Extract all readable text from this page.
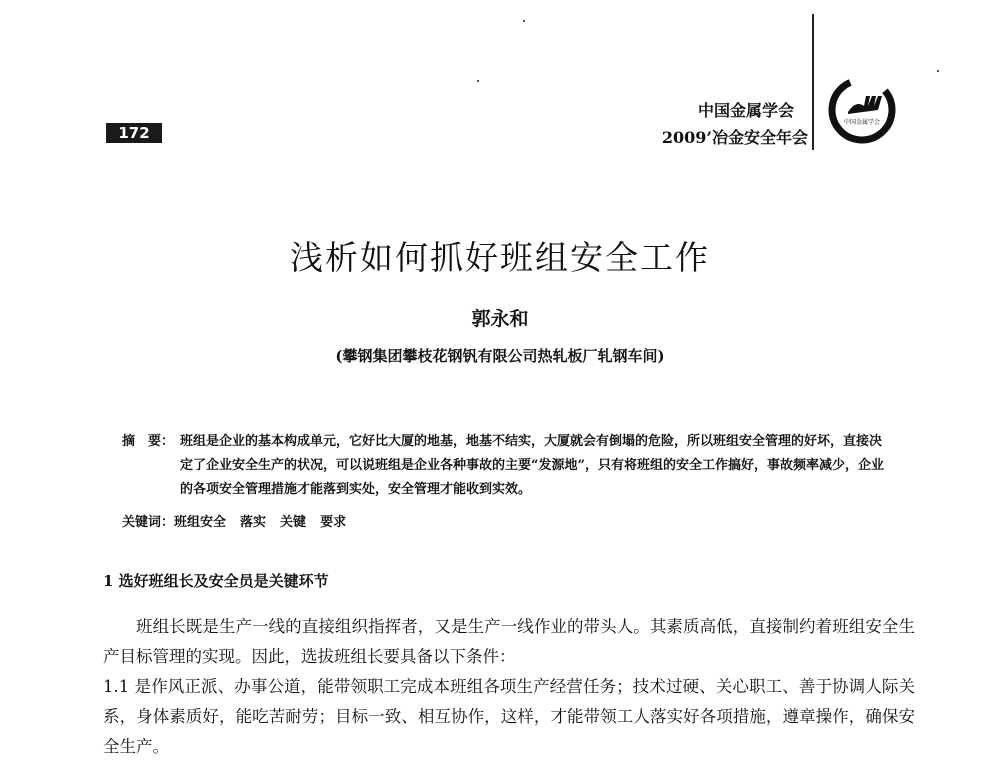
172
中国金属学会
2009’冶金安全年会
中国金属学会
浅析如何抓好班组安全工作
郭永和
(攀钢集团攀枝花钢钒有限公司热轧板厂轧钢车间)
摘　要： 班组是企业的基本构成单元，它好比大厦的地基，地基不结实，大厦就会有倒塌的危险，所以班组安全管理的好坏，直接决定了企业安全生产的状况，可以说班组是企业各种事故的主要“发源地”，只有将班组的安全工作搞好，事故频率减少，企业的各项安全管理措施才能落到实处，安全管理才能收到实效。
关键词：班组安全 落实 关键 要求
1 选好班组长及安全员是关键环节
班组长既是生产一线的直接组织指挥者，又是生产一线作业的带头人。其素质高低，直接制约着班组安全生产目标管理的实现。因此，选拔班组长要具备以下条件：
1.1 是作风正派、办事公道，能带领职工完成本班组各项生产经营任务；技术过硬、关心职工、善于协调人际关系，身体素质好，能吃苦耐劳；目标一致、相互协作，这样，才能带领工人落实好各项措施，遵章操作，确保安全生产。
